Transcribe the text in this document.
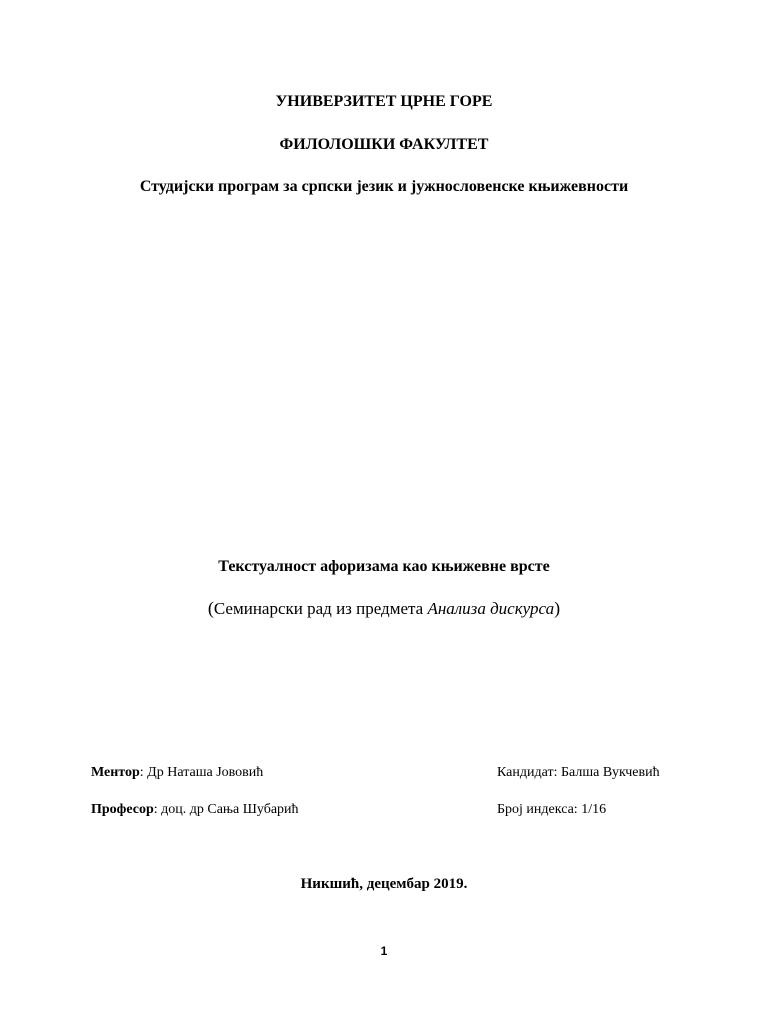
УНИВЕРЗИТЕТ ЦРНЕ ГОРЕ
ФИЛОЛОШКИ ФАКУЛТЕТ
Студијски програм за српски језик и јужнословенске књижевности
Текстуалност афоризама као књижевне врсте
(Семинарски рад из предмета Анализа дискурса)
Ментор: Др Наташа Јововић
Професор: доц. др Сања Шубарић
Кандидат: Балша Вукчевић
Број индекса: 1/16
Никшић, децембар 2019.
1
